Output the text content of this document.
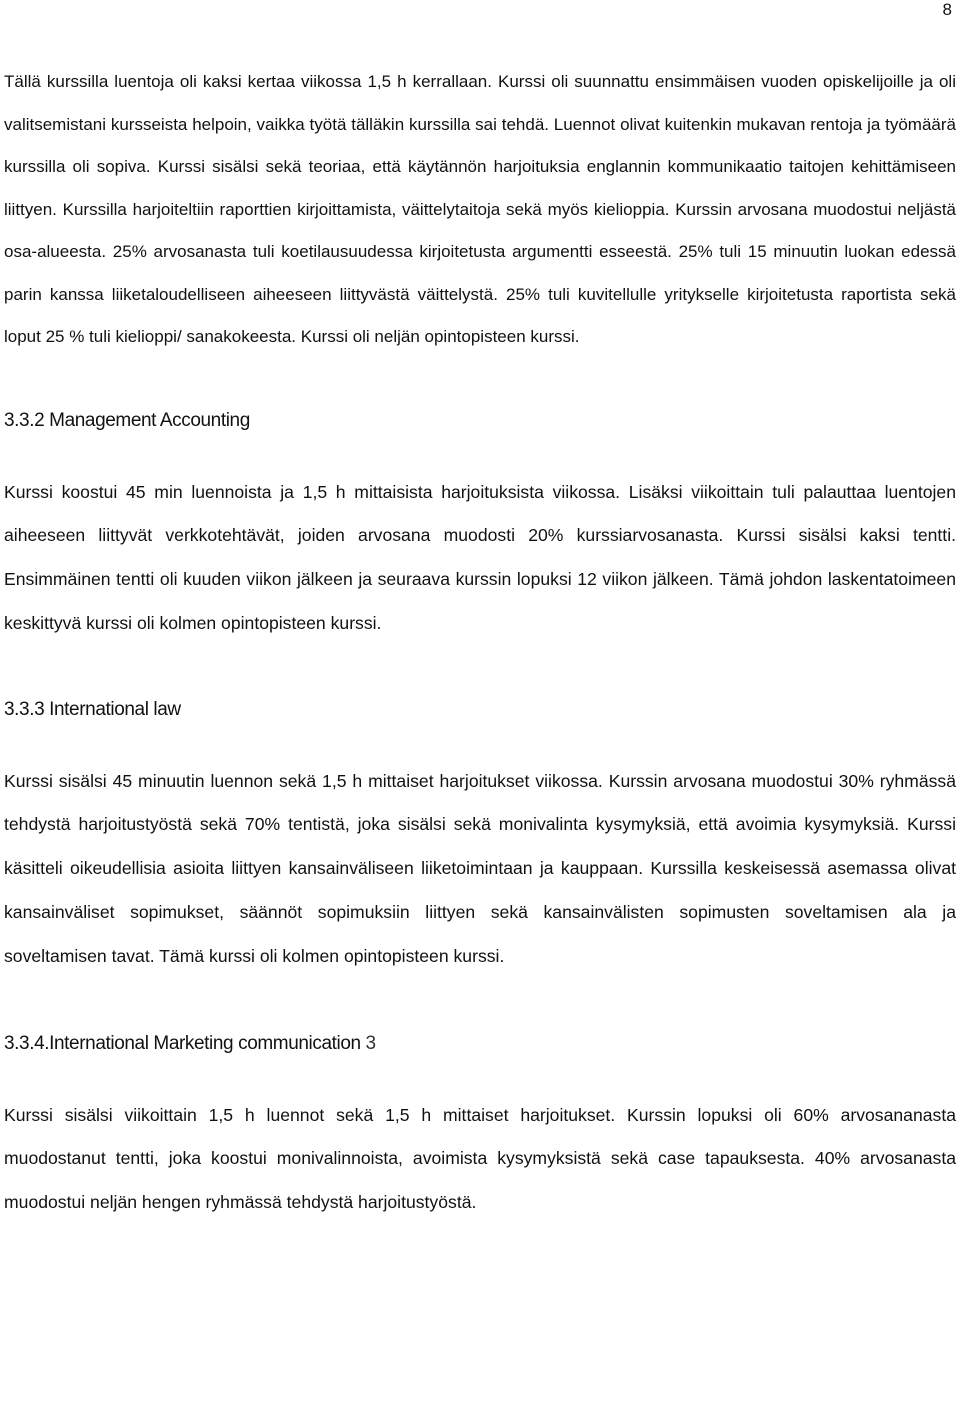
8

Tällä kurssilla luentoja oli kaksi kertaa viikossa 1,5 h kerrallaan. Kurssi oli suunnattu ensimmäisen vuoden opiskelijoille ja oli valitsemistani kursseista helpoin, vaikka työtä tälläkin kurssilla sai tehdä. Luennot olivat kuitenkin mukavan rentoja ja työmäärä kurssilla oli sopiva. Kurssi sisälsi sekä teoriaa, että käytännön harjoituksia englannin kommunikaatio taitojen kehittämiseen liittyen. Kurssilla harjoiteltiin raporttien kirjoittamista, väittelytaitoja sekä myös kielioppia. Kurssin arvosana muodostui neljästä osa-alueesta. 25% arvosanasta tuli koetilausuudessa kirjoitetusta argumentti esseestä. 25% tuli 15 minuutin luokan edessä parin kanssa liiketaloudelliseen aiheeseen liittyvästä väittelystä. 25% tuli kuvitellulle yritykselle kirjoitetusta raportista sekä loput 25 % tuli kielioppi/ sanakokeesta. Kurssi oli neljän opintopisteen kurssi.

3.3.2 Management Accounting

Kurssi koostui 45 min luennoista ja 1,5 h mittaisista harjoituksista viikossa. Lisäksi viikoittain tuli palauttaa luentojen aiheeseen liittyvät verkkotehtävät, joiden arvosana muodosti 20% kurssiarvosanasta. Kurssi sisälsi kaksi tentti. Ensimmäinen tentti oli kuuden viikon jälkeen ja seuraava kurssin lopuksi 12 viikon jälkeen. Tämä johdon laskentatoimeen keskittyvä kurssi oli kolmen opintopisteen kurssi.

3.3.3 International law

Kurssi sisälsi 45 minuutin luennon sekä 1,5 h mittaiset harjoitukset viikossa. Kurssin arvosana muodostui 30% ryhmässä tehdystä harjoitustyöstä sekä 70% tentistä, joka sisälsi sekä monivalinta kysymyksiä, että avoimia kysymyksiä. Kurssi käsitteli oikeudellisia asioita liittyen kansainväliseen liiketoimintaan ja kauppaan. Kurssilla keskeisessä asemassa olivat kansainväliset sopimukset, säännöt sopimuksiin liittyen sekä kansainvälisten sopimusten soveltamisen ala ja soveltamisen tavat. Tämä kurssi oli kolmen opintopisteen kurssi.

3.3.4.International Marketing communication 3

Kurssi sisälsi viikoittain 1,5 h luennot sekä 1,5 h mittaiset harjoitukset. Kurssin lopuksi oli 60% arvosananasta muodostanut tentti, joka koostui monivalinnoista, avoimista kysymyksistä sekä case tapauksesta. 40% arvosanasta muodostui neljän hengen ryhmässä tehdystä harjoitustyöstä.
